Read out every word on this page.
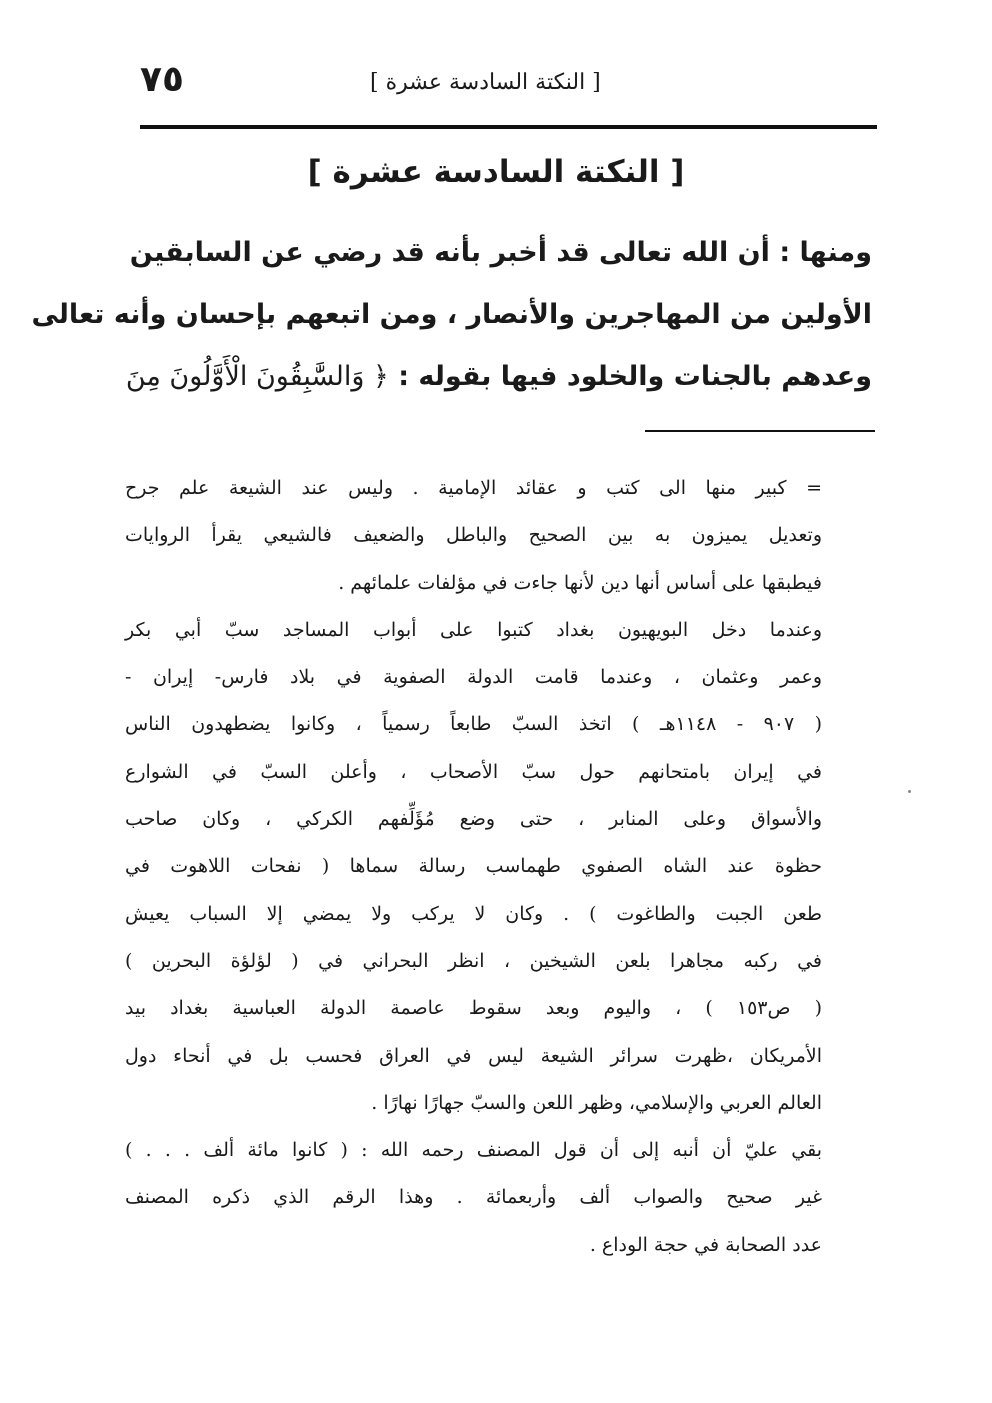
٧٥	[ النكتة السادسة عشرة ]
[ النكتة السادسة عشرة ]
ومنها : أن الله تعالى قد أخبر بأنه قد رضي عن السابقين
الأولين من المهاجرين والأنصار ، ومن اتبعهم بإحسان وأنه تعالى
وعدهم بالجنات والخلود فيها بقوله : ﴿ وَالسَّٰبِقُونَ الْأَوَّلُونَ مِنَ
= كبير منها الى كتب و عقائد الإمامية . وليس عند الشيعة علم جرح
وتعديل يميزون به بين الصحيح والباطل والضعيف فالشيعي يقرأ الروايات
فيطبقها على أساس أنها دين لأنها جاءت في مؤلفات علمائهم .
وعندما دخل البويهيون بغداد كتبوا على أبواب المساجد سبّ أبي بكر
وعمر وعثمان ، وعندما قامت الدولة الصفوية في بلاد فارس- إيران -
( ٩٠٧ - ١١٤٨هـ ) اتخذ السبّ طابعاً رسمياً ، وكانوا يضطهدون الناس
في إيران بامتحانهم حول سبّ الأصحاب ، وأعلن السبّ في الشوارع
والأسواق وعلى المنابر ، حتى وضع مُؤَلِّفهم الكركي ، وكان صاحب
حظوة عند الشاه الصفوي طهماسب رسالة سماها ( نفحات اللاهوت في
طعن الجبت والطاغوت ) . وكان لا يركب ولا يمضي إلا السباب يعيش
في ركبه مجاهرا بلعن الشيخين ، انظر البحراني في ( لؤلؤة البحرين )
( ص١٥٣ ) ، واليوم وبعد سقوط عاصمة الدولة العباسية بغداد بيد
الأمريكان ،ظهرت سرائر الشيعة ليس في العراق فحسب بل في أنحاء دول
العالم العربي والإسلامي، وظهر اللعن والسبّ جهارًا نهارًا .
بقي عليّ أن أنبه إلى أن قول المصنف رحمه الله : ( كانوا مائة ألف . . . )
غير صحيح والصواب ألف وأربعمائة . وهذا الرقم الذي ذكره المصنف
عدد الصحابة في حجة الوداع .
